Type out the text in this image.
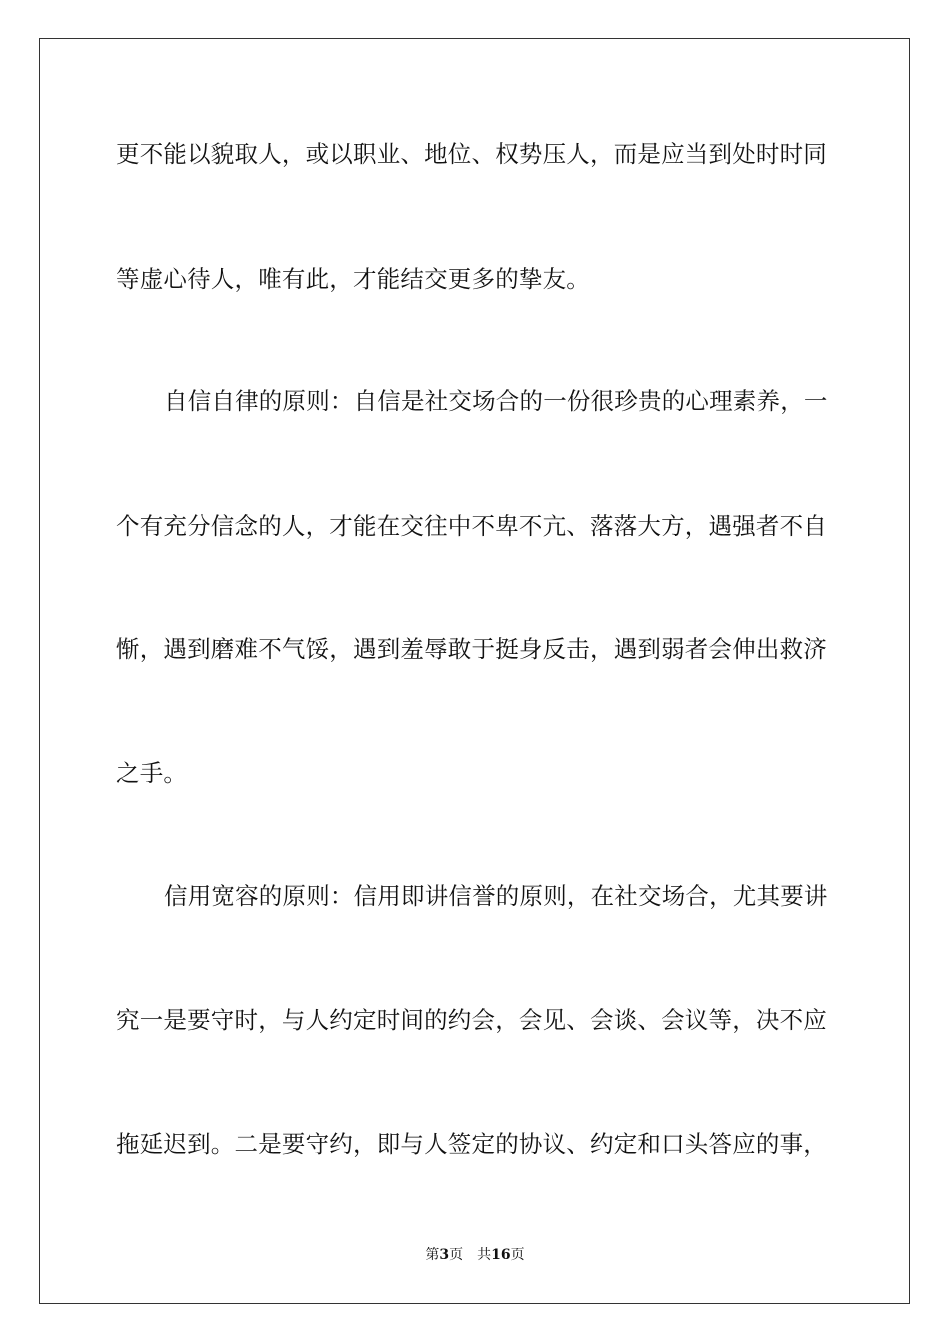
更不能以貌取人，或以职业、地位、权势压人，而是应当到处时时同
等虚心待人，唯有此，才能结交更多的挚友。
自信自律的原则：自信是社交场合的一份很珍贵的心理素养，一
个有充分信念的人，才能在交往中不卑不亢、落落大方，遇强者不自
惭，遇到磨难不气馁，遇到羞辱敢于挺身反击，遇到弱者会伸出救济
之手。
信用宽容的原则：信用即讲信誉的原则，在社交场合，尤其要讲
究一是要守时，与人约定时间的约会，会见、会谈、会议等，决不应
拖延迟到。二是要守约，即与人签定的协议、约定和口头答应的事，
第3页 共16页
